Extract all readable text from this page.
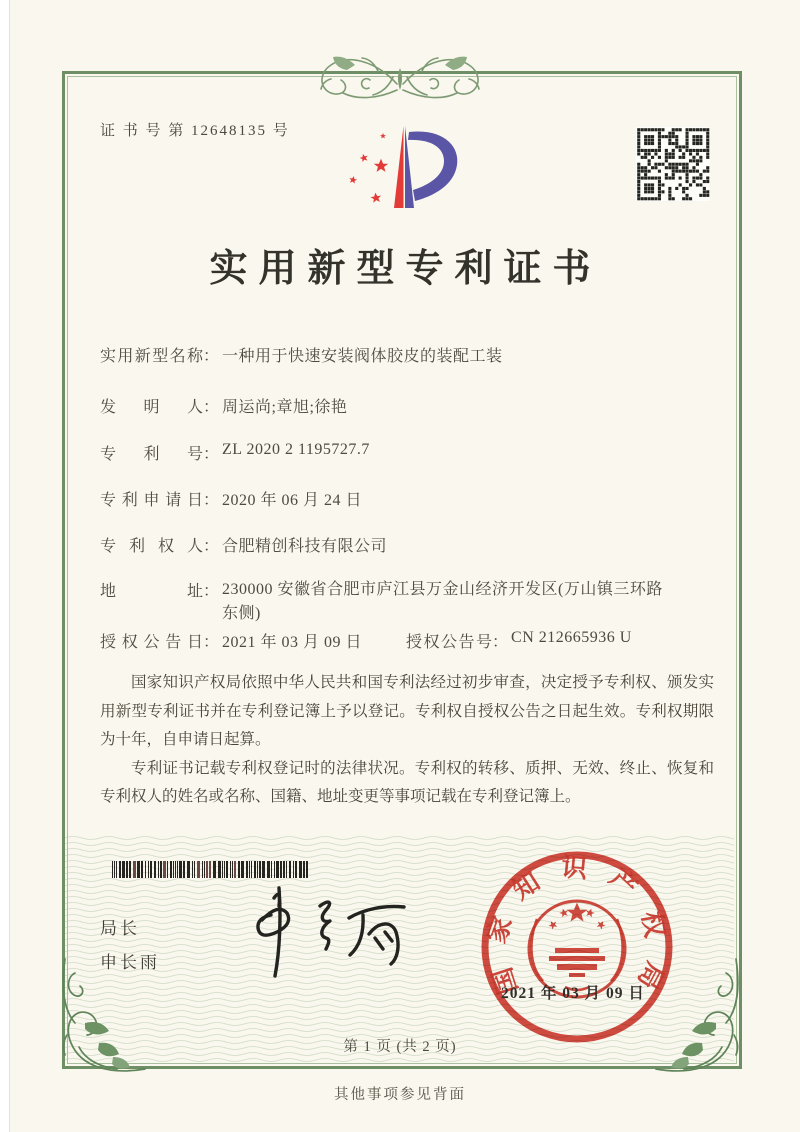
证 书 号 第 12648135 号
实用新型专利证书
实用新型名称： 一种用于快速安装阀体胶皮的装配工装
发明人： 周运尚;章旭;徐艳
专利号： ZL 2020 2 1195727.7
专利申请日： 2020 年 06 月 24 日
专利权人： 合肥精创科技有限公司
地址： 230000 安徽省合肥市庐江县万金山经济开发区(万山镇三环路东侧)
授权公告日： 2021 年 03 月 09 日	授权公告号： CN 212665936 U

国家知识产权局依照中华人民共和国专利法经过初步审查，决定授予专利权、颁发实用新型专利证书并在专利登记簿上予以登记。专利权自授权公告之日起生效。专利权期限为十年，自申请日起算。

专利证书记载专利权登记时的法律状况。专利权的转移、质押、无效、终止、恢复和专利权人的姓名或名称、国籍、地址变更等事项记载在专利登记簿上。

局长
申长雨	国家知识产权局
2021 年 03 月 09 日
第 1 页 (共 2 页)
其他事项参见背面
